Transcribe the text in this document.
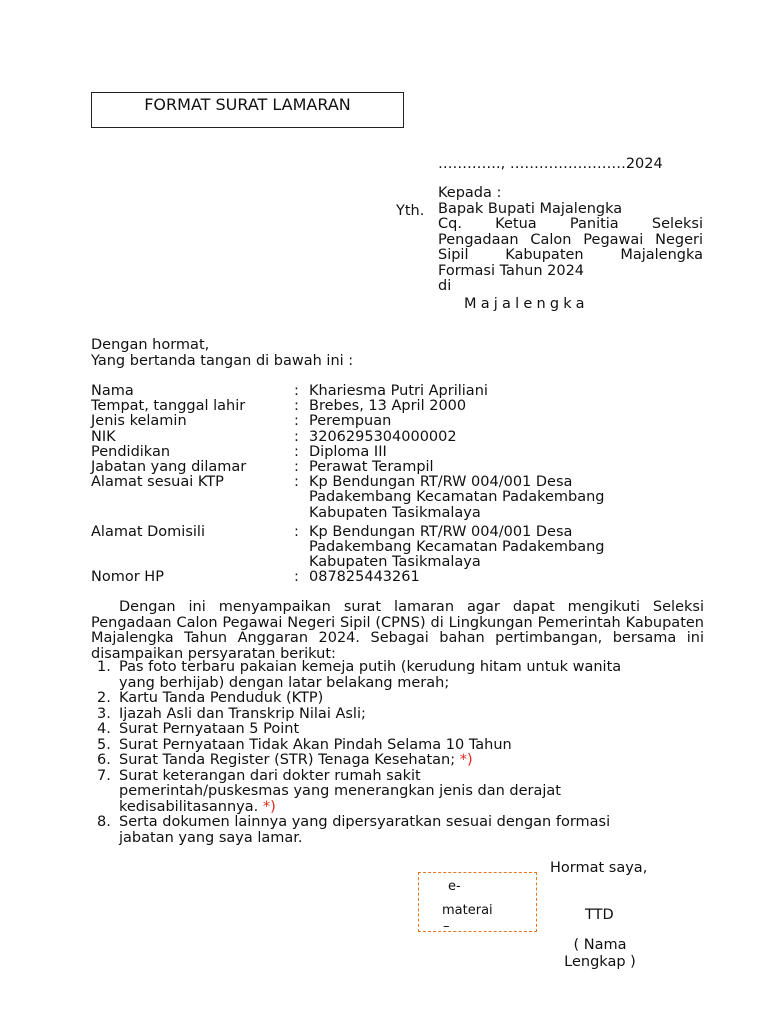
FORMAT SURAT LAMARAN
…………., ……………………2024
Yth.
Kepada :
Bapak Bupati Majalengka
Cq. Ketua Panitia Seleksi
Pengadaan Calon Pegawai Negeri
Sipil Kabupaten Majalengka
Formasi Tahun 2024
di
Majalengka
Dengan hormat,
Yang bertanda tangan di bawah ini :
Nama	: Khariesma Putri Apriliani
Tempat, tanggal lahir	: Brebes, 13 April 2000
Jenis kelamin	: Perempuan
NIK	: 3206295304000002
Pendidikan	: Diploma III
Jabatan yang dilamar	: Perawat Terampil
Alamat sesuai KTP	: Kp Bendungan RT/RW 004/001 Desa
Padakembang Kecamatan Padakembang
Kabupaten Tasikmalaya
Alamat Domisili	: Kp Bendungan RT/RW 004/001 Desa
Padakembang Kecamatan Padakembang
Kabupaten Tasikmalaya
Nomor HP	: 087825443261
Dengan ini menyampaikan surat lamaran agar dapat mengikuti Seleksi Pengadaan Calon Pegawai Negeri Sipil (CPNS) di Lingkungan Pemerintah Kabupaten Majalengka Tahun Anggaran 2024. Sebagai bahan pertimbangan, bersama ini disampaikan persyaratan berikut:
1. Pas foto terbaru pakaian kemeja putih (kerudung hitam untuk wanita
yang berhijab) dengan latar belakang merah;
2. Kartu Tanda Penduduk (KTP)
3. Ijazah Asli dan Transkrip Nilai Asli;
4. Surat Pernyataan 5 Point
5. Surat Pernyataan Tidak Akan Pindah Selama 10 Tahun
6. Surat Tanda Register (STR) Tenaga Kesehatan; *)
7. Surat keterangan dari dokter rumah sakit
pemerintah/puskesmas yang menerangkan jenis dan derajat
kedisabilitasannya. *)
8. Serta dokumen lainnya yang dipersyaratkan sesuai dengan formasi
jabatan yang saya lamar.
e-
materai
–
Hormat saya,
TTD
( Nama
Lengkap )
